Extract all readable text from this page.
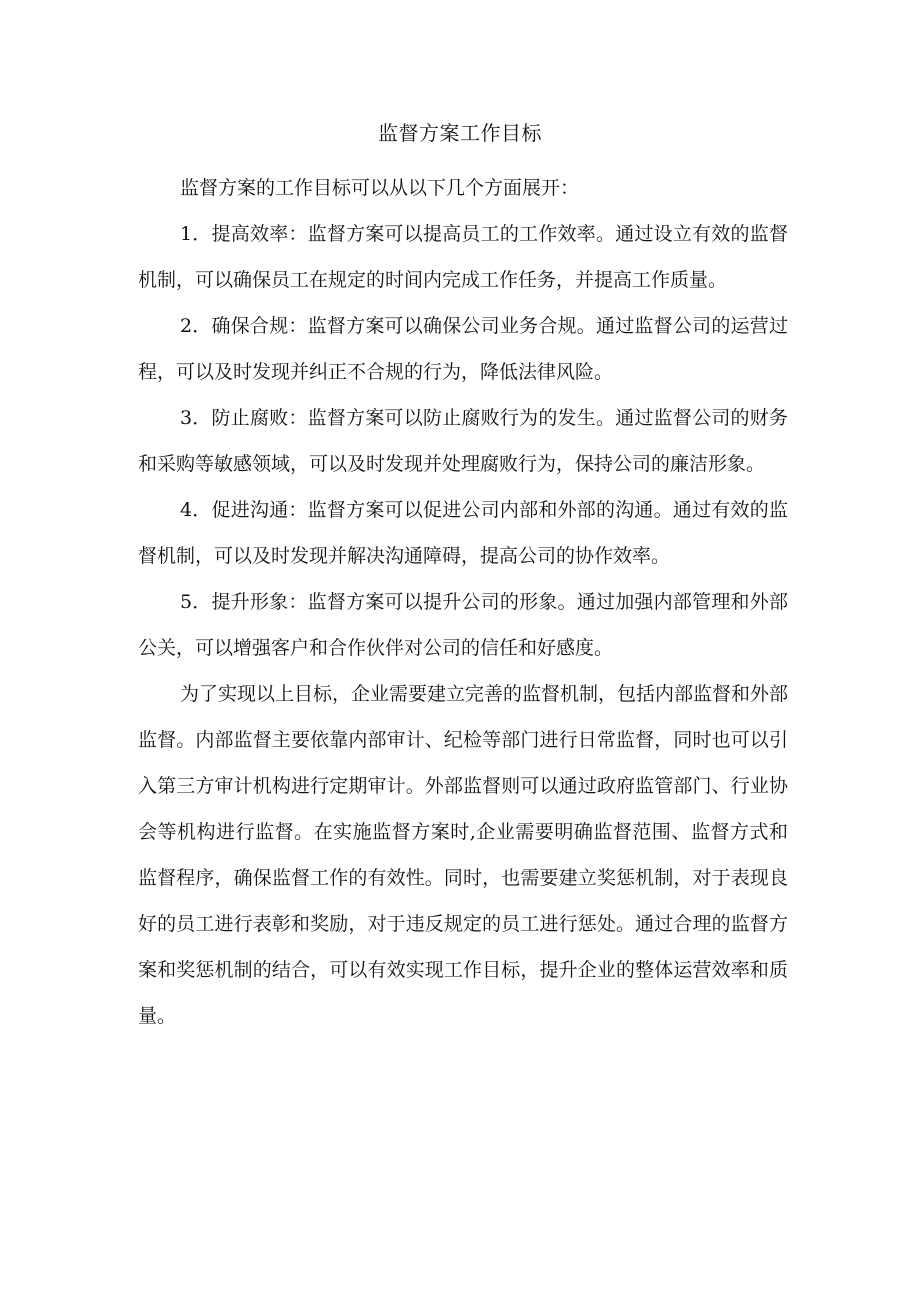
监督方案工作目标

监督方案的工作目标可以从以下几个方面展开：

1．提高效率：监督方案可以提高员工的工作效率。通过设立有效的监督机制，可以确保员工在规定的时间内完成工作任务，并提高工作质量。

2．确保合规：监督方案可以确保公司业务合规。通过监督公司的运营过程，可以及时发现并纠正不合规的行为，降低法律风险。

3．防止腐败：监督方案可以防止腐败行为的发生。通过监督公司的财务和采购等敏感领域，可以及时发现并处理腐败行为，保持公司的廉洁形象。

4．促进沟通：监督方案可以促进公司内部和外部的沟通。通过有效的监督机制，可以及时发现并解决沟通障碍，提高公司的协作效率。

5．提升形象：监督方案可以提升公司的形象。通过加强内部管理和外部公关，可以增强客户和合作伙伴对公司的信任和好感度。

为了实现以上目标，企业需要建立完善的监督机制，包括内部监督和外部监督。内部监督主要依靠内部审计、纪检等部门进行日常监督，同时也可以引入第三方审计机构进行定期审计。外部监督则可以通过政府监管部门、行业协会等机构进行监督。在实施监督方案时,企业需要明确监督范围、监督方式和监督程序，确保监督工作的有效性。同时，也需要建立奖惩机制，对于表现良好的员工进行表彰和奖励，对于违反规定的员工进行惩处。通过合理的监督方案和奖惩机制的结合，可以有效实现工作目标，提升企业的整体运营效率和质量。
